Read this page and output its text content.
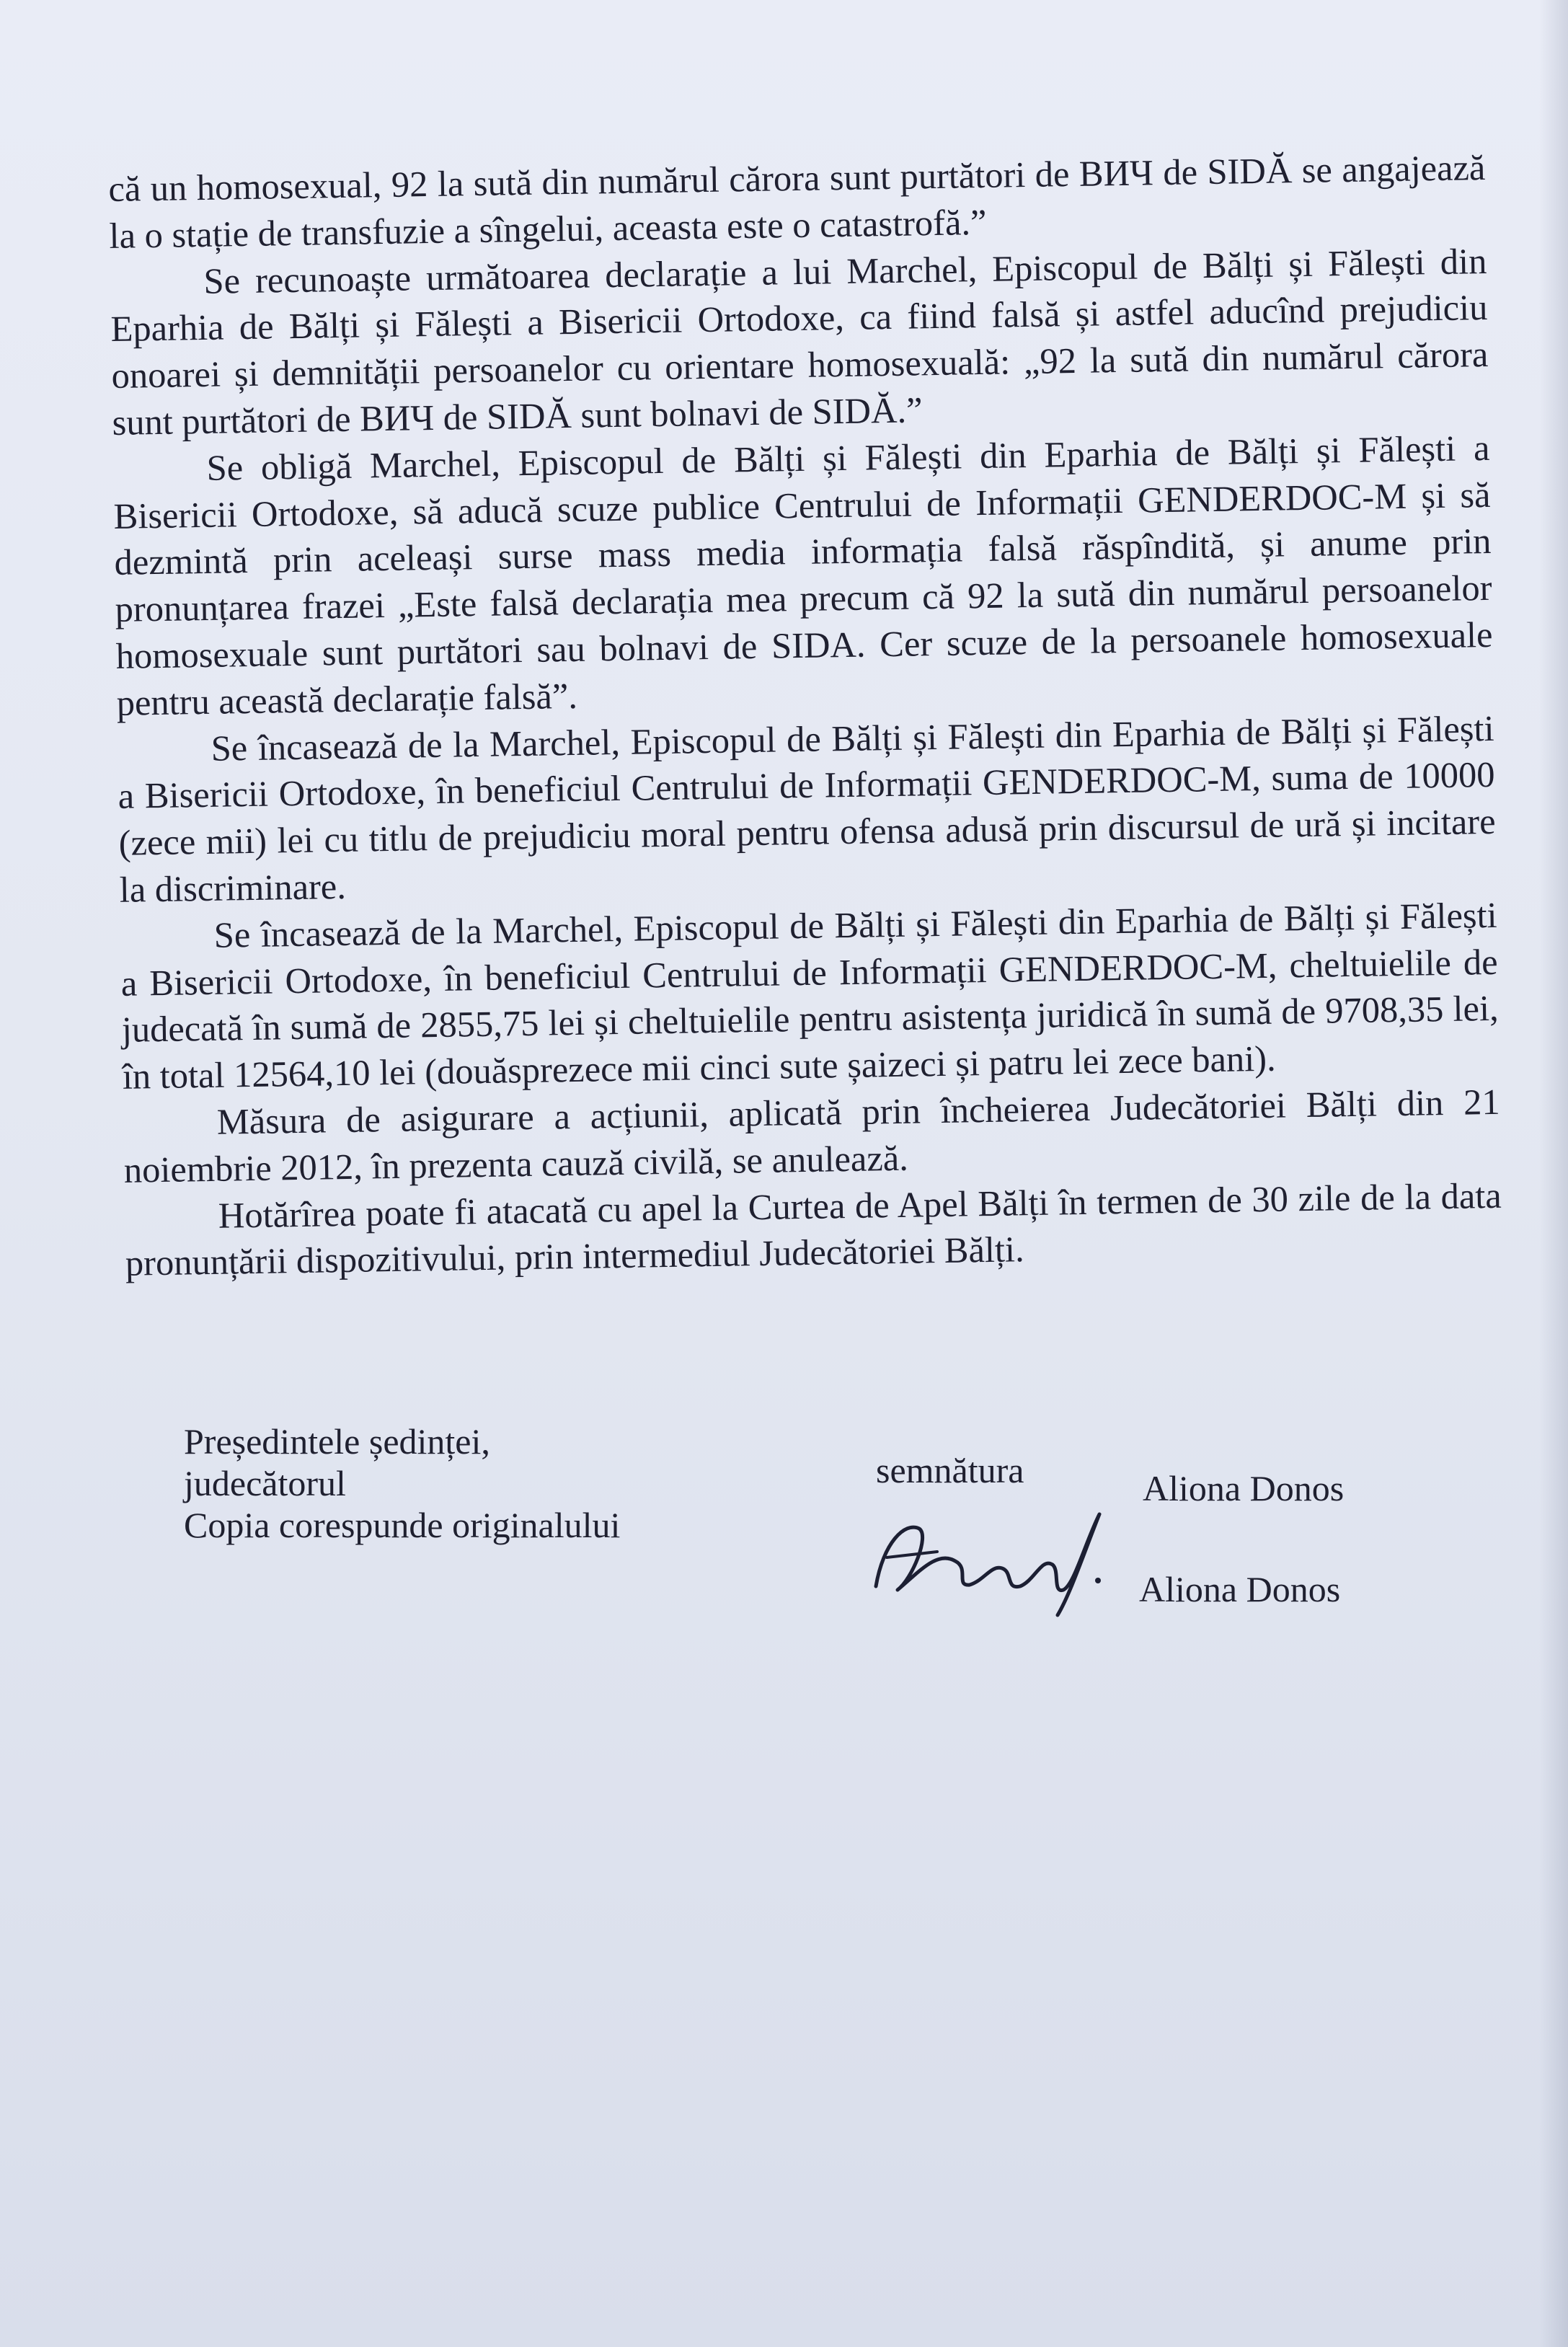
că un homosexual, 92 la sută din numărul cărora sunt purtători de ВИЧ de SIDĂ se angajează la o stație de transfuzie a sîngelui, aceasta este o catastrofă.”

Se recunoaște următoarea declarație a lui Marchel, Episcopul de Bălți și Fălești din Eparhia de Bălți și Fălești a Bisericii Ortodoxe, ca fiind falsă și astfel aducînd prejudiciu onoarei și demnității persoanelor cu orientare homosexuală: „92 la sută din numărul cărora sunt purtători de ВИЧ de SIDĂ sunt bolnavi de SIDĂ.”

Se obligă Marchel, Episcopul de Bălți și Fălești din Eparhia de Bălți și Fălești a Bisericii Ortodoxe, să aducă scuze publice Centrului de Informații GENDERDOC-M și să dezmintă prin aceleași surse mass media informația falsă răspîndită, și anume prin pronunțarea frazei „Este falsă declarația mea precum că 92 la sută din numărul persoanelor homosexuale sunt purtători sau bolnavi de SIDA. Cer scuze de la persoanele homosexuale pentru această declarație falsă”.

Se încasează de la Marchel, Episcopul de Bălți și Fălești din Eparhia de Bălți și Fălești a Bisericii Ortodoxe, în beneficiul Centrului de Informații GENDERDOC-M, suma de 10000 (zece mii) lei cu titlu de prejudiciu moral pentru ofensa adusă prin discursul de ură și incitare la discriminare.

Se încasează de la Marchel, Episcopul de Bălți și Fălești din Eparhia de Bălți și Fălești a Bisericii Ortodoxe, în beneficiul Centrului de Informații GENDERDOC-M, cheltuielile de judecată în sumă de 2855,75 lei și cheltuielile pentru asistența juridică în sumă de 9708,35 lei, în total 12564,10 lei (douăsprezece mii cinci sute șaizeci și patru lei zece bani).

Măsura de asigurare a acțiunii, aplicată prin încheierea Judecătoriei Bălți din 21 noiembrie 2012, în prezenta cauză civilă, se anulează.

Hotărîrea poate fi atacată cu apel la Curtea de Apel Bălți în termen de 30 zile de la data pronunțării dispozitivului, prin intermediul Judecătoriei Bălți.

Președintele ședinței,
judecătorul
Copia corespunde originalului
semnătura	Aliona Donos
Aliona Donos
